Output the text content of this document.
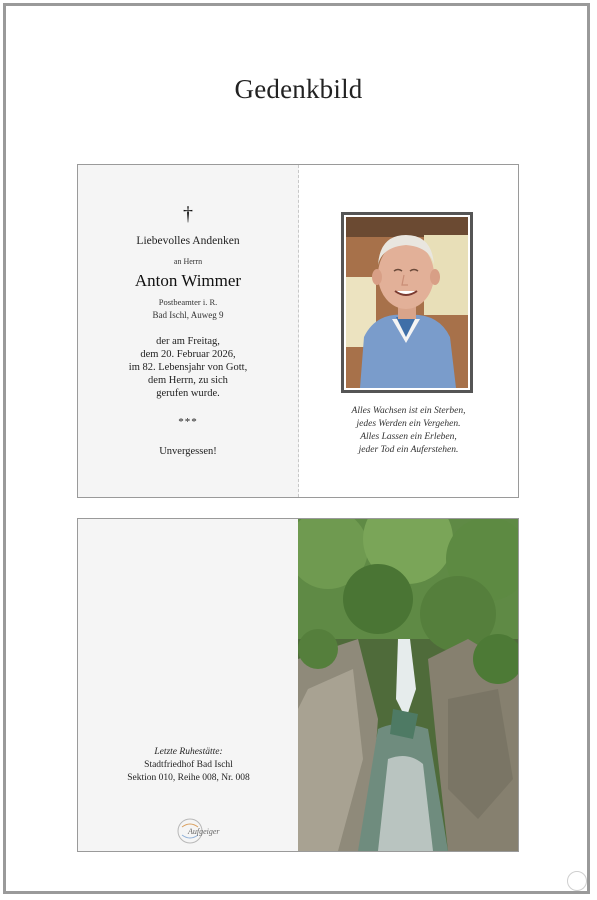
Gedenkbild
†
Liebevolles Andenken
an Herrn
Anton Wimmer
Postbeamter i. R.
Bad Ischl, Auweg 9
der am Freitag,
dem 20. Februar 2026,
im 82. Lebensjahr von Gott,
dem Herrn, zu sich
gerufen wurde.
***
Unvergessen!
Alles Wachsen ist ein Sterben,
jedes Werden ein Vergehen.
Alles Lassen ein Erleben,
jeder Tod ein Auferstehen.
Letzte Ruhestätte:
Stadtfriedhof Bad Ischl
Sektion 010, Reihe 008, Nr. 008
Aufgeiger
